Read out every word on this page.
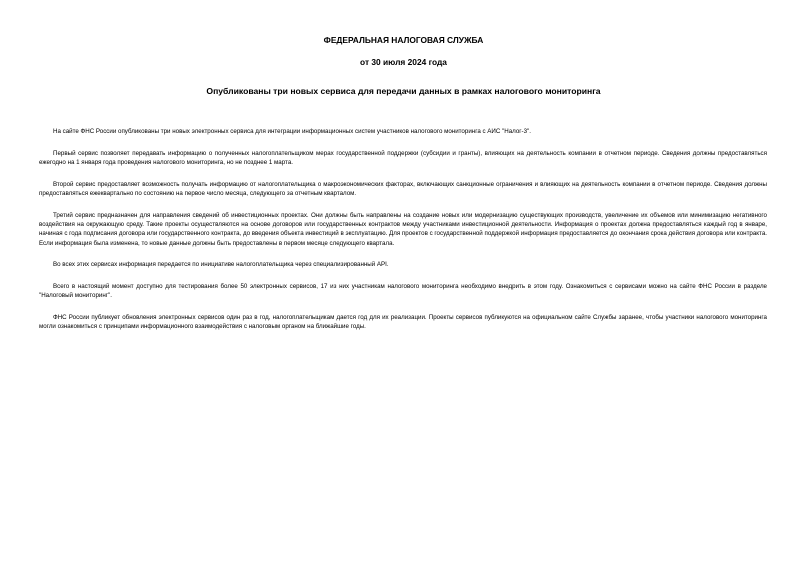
ФЕДЕРАЛЬНАЯ НАЛОГОВАЯ СЛУЖБА
от 30 июля 2024 года
Опубликованы три новых сервиса для передачи данных в рамках налогового мониторинга

На сайте ФНС России опубликованы три новых электронных сервиса для интеграции информационных систем участников налогового мониторинга с АИС "Налог-3".

Первый сервис позволяет передавать информацию о полученных налогоплательщиком мерах государственной поддержки (субсидии и гранты), влияющих на деятельность компании в отчетном периоде. Сведения должны предоставляться ежегодно на 1 января года проведения налогового мониторинга, но не позднее 1 марта.

Второй сервис предоставляет возможность получать информацию от налогоплательщика о макроэкономических факторах, включающих санкционные ограничения и влияющих на деятельность компании в отчетном периоде. Сведения должны предоставляться ежеквартально по состоянию на первое число месяца, следующего за отчетным кварталом.

Третий сервис предназначен для направления сведений об инвестиционных проектах. Они должны быть направлены на создание новых или модернизацию существующих производств, увеличение их объемов или минимизацию негативного воздействия на окружающую среду. Такие проекты осуществляются на основе договоров или государственных контрактов между участниками инвестиционной деятельности. Информация о проектах должна предоставляться каждый год в январе, начиная с года подписания договора или государственного контракта, до введения объекта инвестиций в эксплуатацию. Для проектов с государственной поддержкой информация предоставляется до окончания срока действия договора или контракта. Если информация была изменена, то новые данные должны быть предоставлены в первом месяце следующего квартала.

Во всех этих сервисах информация передается по инициативе налогоплательщика через специализированный API.

Всего в настоящий момент доступно для тестирования более 50 электронных сервисов, 17 из них участникам налогового мониторинга необходимо внедрить в этом году. Ознакомиться с сервисами можно на сайте ФНС России в разделе "Налоговый мониторинг".

ФНС России публикует обновления электронных сервисов один раз в год, налогоплательщикам дается год для их реализации. Проекты сервисов публикуются на официальном сайте Службы заранее, чтобы участники налогового мониторинга могли ознакомиться с принципами информационного взаимодействия с налоговым органом на ближайшие годы.
